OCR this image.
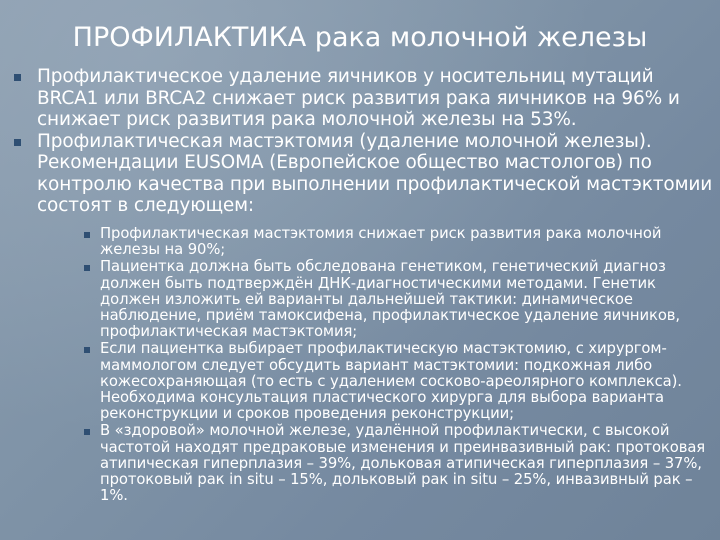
ПРОФИЛАКТИКА рака молочной железы
Профилактическое удаление яичников у носительниц мутаций BRCA1 или BRCA2 снижает риск развития рака яичников на 96% и снижает риск развития рака молочной железы на 53%.
Профилактическая мастэктомия (удаление молочной железы). Рекомендации EUSOMA (Европейское общество мастологов) по контролю качества при выполнении профилактической мастэктомии состоят в следующем:
Профилактическая мастэктомия снижает риск развития рака молочной железы на 90%;
Пациентка должна быть обследована генетиком, генетический диагноз должен быть подтверждён ДНК-диагностическими методами. Генетик должен изложить ей варианты дальнейшей тактики: динамическое наблюдение, приём тамоксифена, профилактическое удаление яичников, профилактическая мастэктомия;
Если пациентка выбирает профилактическую мастэктомию, с хирургом-маммологом следует обсудить вариант мастэктомии: подкожная либо кожесохраняющая (то есть с удалением сосково-ареолярного комплекса). Необходима консультация пластического хирурга для выбора варианта реконструкции и сроков проведения реконструкции;
В «здоровой» молочной железе, удалённой профилактически, с высокой частотой находят предраковые изменения и преинвазивный рак: протоковая атипическая гиперплазия – 39%, дольковая атипическая гиперплазия – 37%, протоковый рак in situ – 15%, дольковый рак in situ – 25%, инвазивный рак – 1%.
